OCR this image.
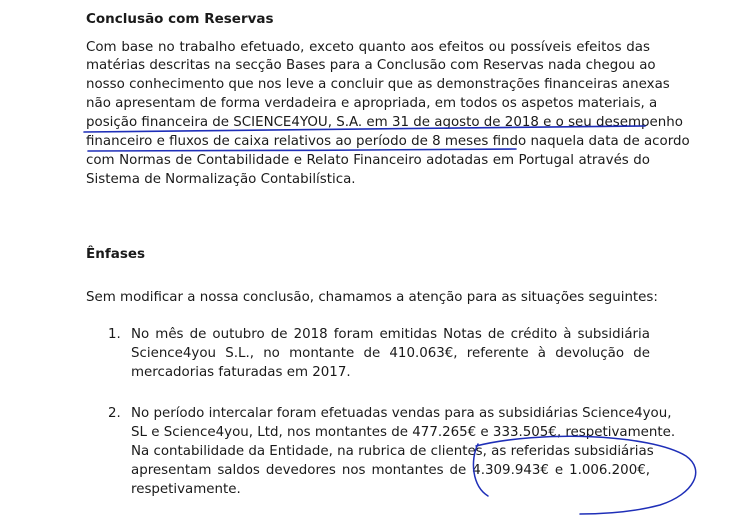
Conclusão com Reservas

Com base no trabalho efetuado, exceto quanto aos efeitos ou possíveis efeitos das

matérias descritas na secção Bases para a Conclusão com Reservas nada chegou ao

nosso conhecimento que nos leve a concluir que as demonstrações financeiras anexas

não apresentam de forma verdadeira e apropriada, em todos os aspetos materiais, a

posição financeira de SCIENCE4YOU, S.A. em 31 de agosto de 2018 e o seu desempenho

financeiro e fluxos de caixa relativos ao período de 8 meses findo naquela data de acordo

com Normas de Contabilidade e Relato Financeiro adotadas em Portugal através do

Sistema de Normalização Contabilística.

Ênfases

Sem modificar a nossa conclusão, chamamos a atenção para as situações seguintes:

1. No mês de outubro de 2018 foram emitidas Notas de crédito à subsidiária

Science4you S.L., no montante de 410.063€, referente à devolução de

mercadorias faturadas em 2017.

2. No período intercalar foram efetuadas vendas para as subsidiárias Science4you,

SL e Science4you, Ltd, nos montantes de 477.265€ e 333.505€, respetivamente.

Na contabilidade da Entidade, na rubrica de clientes, as referidas subsidiárias

apresentam saldos devedores nos montantes de 4.309.943€ e 1.006.200€,

respetivamente.
